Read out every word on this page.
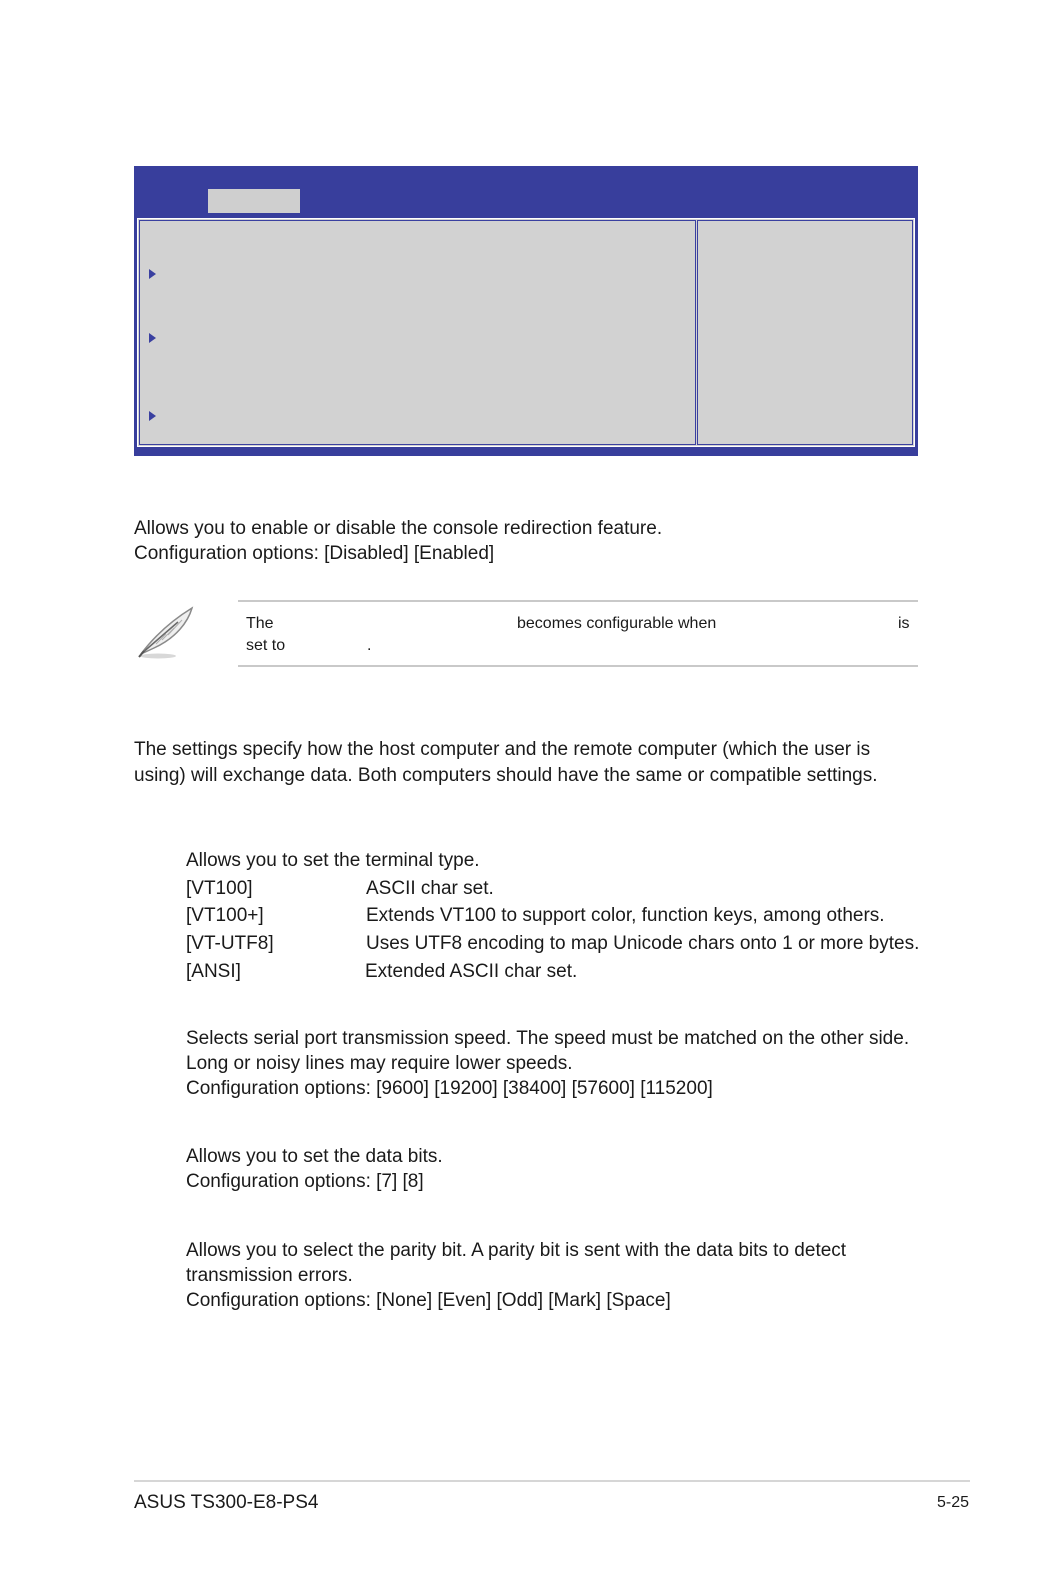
Allows you to enable or disable the console redirection feature.
Configuration options: [Disabled] [Enabled]
The	becomes configurable when	is
set to	.
The settings specify how the host computer and the remote computer (which the user is
using) will exchange data. Both computers should have the same or compatible settings.
Allows you to set the terminal type.
[VT100]	ASCII char set.
[VT100+]	Extends VT100 to support color, function keys, among others.
[VT-UTF8]	Uses UTF8 encoding to map Unicode chars onto 1 or more bytes.
[ANSI]	Extended ASCII char set.
Selects serial port transmission speed. The speed must be matched on the other side.
Long or noisy lines may require lower speeds.
Configuration options: [9600] [19200] [38400] [57600] [115200]
Allows you to set the data bits.
Configuration options: [7] [8]
Allows you to select the parity bit. A parity bit is sent with the data bits to detect
transmission errors.
Configuration options: [None] [Even] [Odd] [Mark] [Space]
ASUS TS300-E8-PS4	5-25
